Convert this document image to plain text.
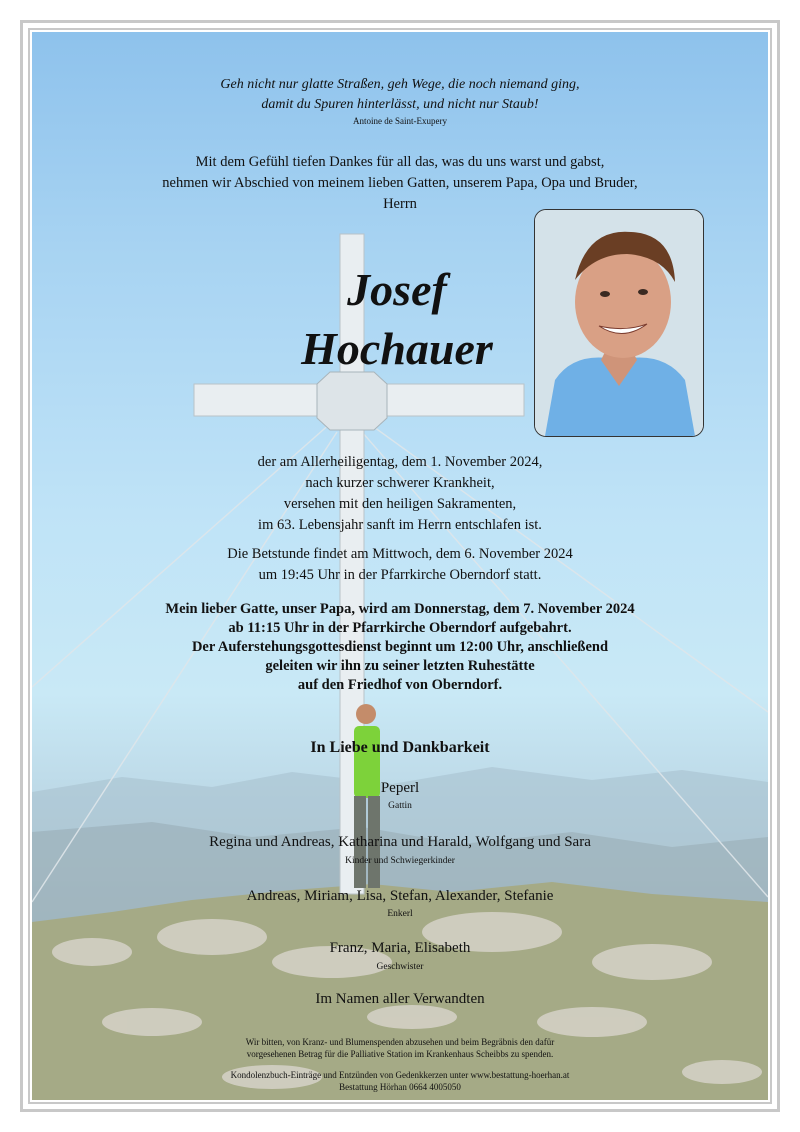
Geh nicht nur glatte Straßen, geh Wege, die noch niemand ging,
damit du Spuren hinterlässt, und nicht nur Staub!
Antoine de Saint-Exupery
Mit dem Gefühl tiefen Dankes für all das, was du uns warst und gabst,
nehmen wir Abschied von meinem lieben Gatten, unserem Papa, Opa und Bruder,
Herrn
Josef
Hochauer
der am Allerheiligentag, dem 1. November 2024,
nach kurzer schwerer Krankheit,
versehen mit den heiligen Sakramenten,
im 63. Lebensjahr sanft im Herrn entschlafen ist.
Die Betstunde findet am Mittwoch, dem 6. November 2024
um 19:45 Uhr in der Pfarrkirche Oberndorf statt.
Mein lieber Gatte, unser Papa, wird am Donnerstag, dem 7. November 2024
ab 11:15 Uhr in der Pfarrkirche Oberndorf aufgebahrt.
Der Auferstehungsgottesdienst beginnt um 12:00 Uhr, anschließend
geleiten wir ihn zu seiner letzten Ruhestätte
auf den Friedhof von Oberndorf.
In Liebe und Dankbarkeit
Peperl
Gattin
Regina und Andreas, Katharina und Harald, Wolfgang und Sara
Kinder und Schwiegerkinder
Andreas, Miriam, Lisa, Stefan, Alexander, Stefanie
Enkerl
Franz, Maria, Elisabeth
Geschwister
Im Namen aller Verwandten
Wir bitten, von Kranz- und Blumenspenden abzusehen und beim Begräbnis den dafür
vorgesehenen Betrag für die Palliative Station im Krankenhaus Scheibbs zu spenden.
Kondolenzbuch-Einträge und Entzünden von Gedenkkerzen unter www.bestattung-hoerhan.at
Bestattung Hörhan 0664 4005050
